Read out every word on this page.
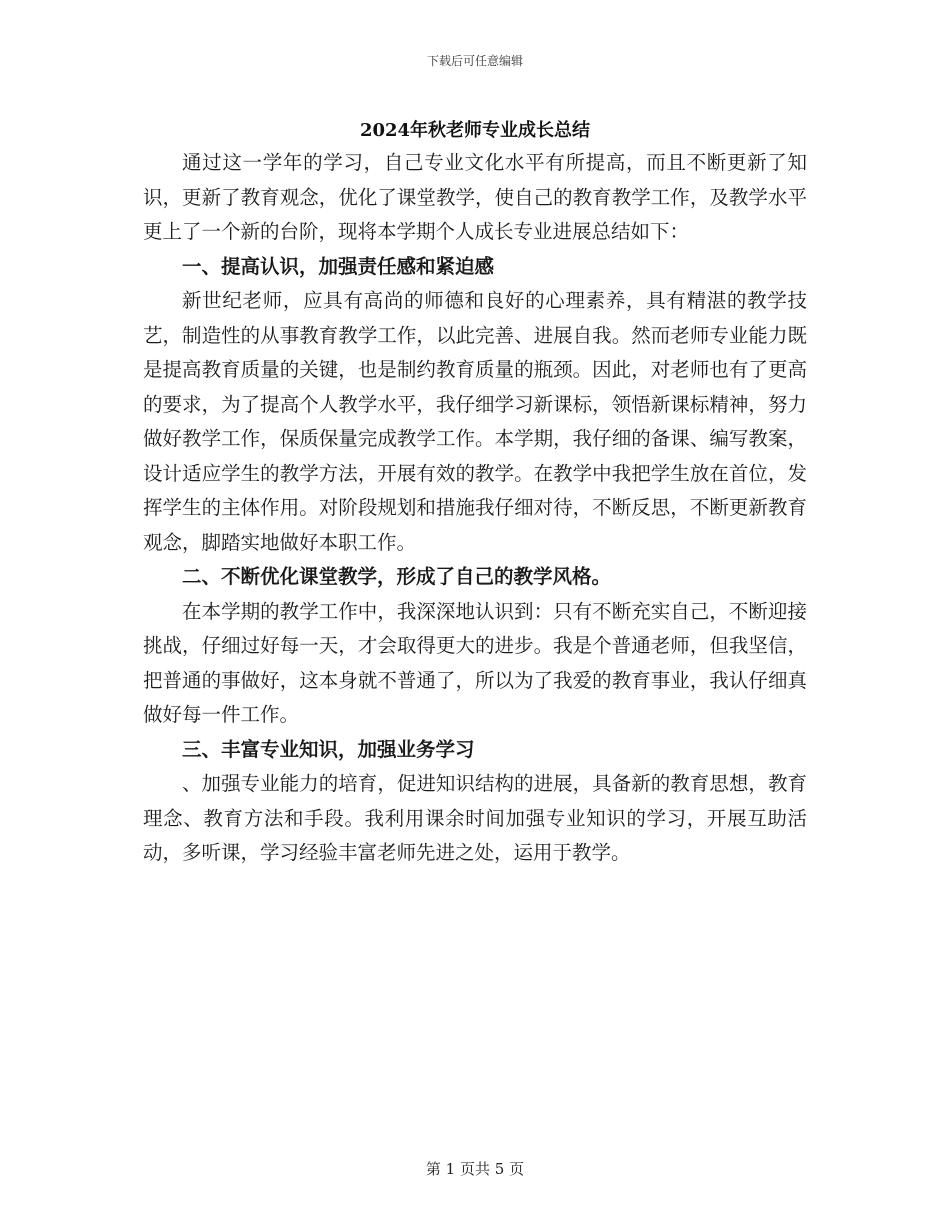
下载后可任意编辑
2024年秋老师专业成长总结

通过这一学年的学习，自己专业文化水平有所提高，而且不断更新了知识，更新了教育观念，优化了课堂教学，使自己的教育教学工作，及教学水平更上了一个新的台阶，现将本学期个人成长专业进展总结如下：

一、提高认识，加强责任感和紧迫感

新世纪老师，应具有高尚的师德和良好的心理素养，具有精湛的教学技艺，制造性的从事教育教学工作，以此完善、进展自我。然而老师专业能力既是提高教育质量的关键，也是制约教育质量的瓶颈。因此，对老师也有了更高的要求，为了提高个人教学水平，我仔细学习新课标，领悟新课标精神，努力做好教学工作，保质保量完成教学工作。本学期，我仔细的备课、编写教案，设计适应学生的教学方法，开展有效的教学。在教学中我把学生放在首位，发挥学生的主体作用。对阶段规划和措施我仔细对待，不断反思，不断更新教育观念，脚踏实地做好本职工作。

二、不断优化课堂教学，形成了自己的教学风格。

在本学期的教学工作中，我深深地认识到：只有不断充实自己，不断迎接挑战，仔细过好每一天，才会取得更大的进步。我是个普通老师，但我坚信，把普通的事做好，这本身就不普通了，所以为了我爱的教育事业，我认仔细真做好每一件工作。

三、丰富专业知识，加强业务学习

、加强专业能力的培育，促进知识结构的进展，具备新的教育思想，教育理念、教育方法和手段。我利用课余时间加强专业知识的学习，开展互助活动，多听课，学习经验丰富老师先进之处，运用于教学。

第 1 页共 5 页
